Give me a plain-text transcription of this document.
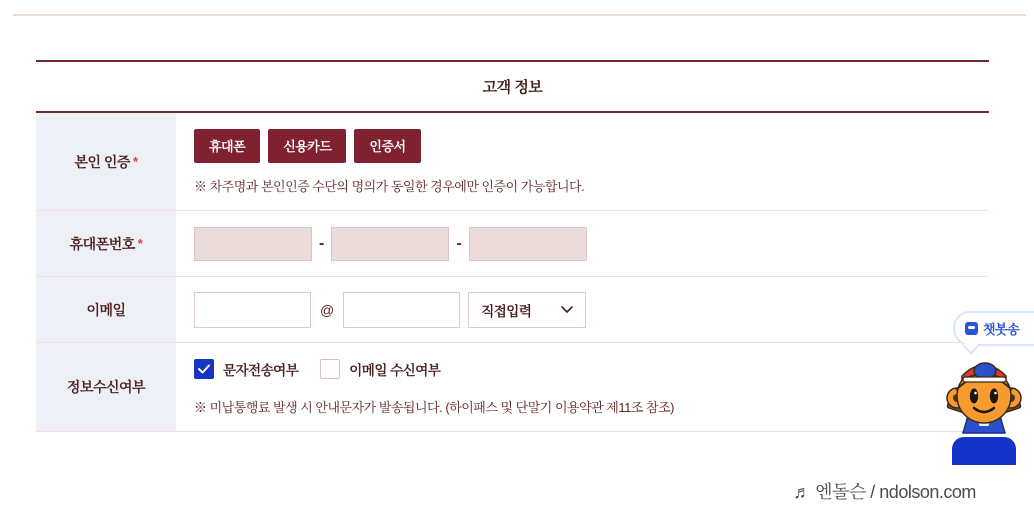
고객 정보
본인 인증 *
휴대폰	신용카드	인증서
※ 차주명과 본인인증 수단의 명의가 동일한 경우에만 인증이 가능합니다.
휴대폰번호 *	-	-
이메일	@	직접입력
정보수신여부
문자전송여부	이메일 수신여부
※ 미납통행료 발생 시 안내문자가 발송됩니다. (하이패스 및 단말기 이용약관 제11조 참조)
챗봇송
♬ 엔돌슨 / ndolson.com
